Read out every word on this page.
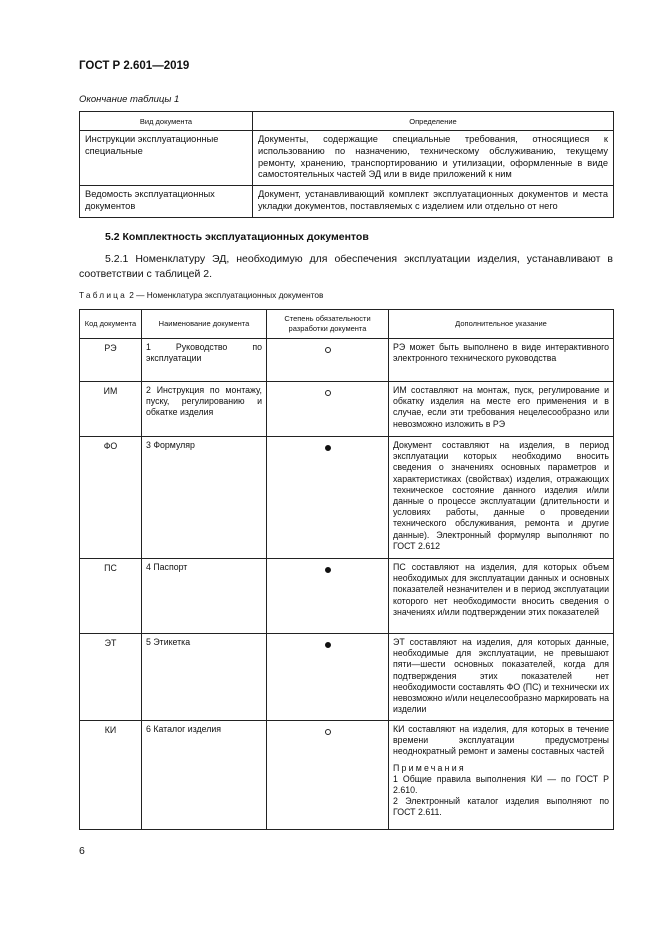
ГОСТ Р 2.601—2019
Окончание таблицы 1
Вид документа	Определение
Инструкции эксплуатационные специальные	Документы, содержащие специальные требования, относящиеся к использованию по назначению, техническому обслуживанию, текущему ремонту, хранению, транспортированию и утилизации, оформленные в виде самостоятельных частей ЭД или в виде приложений к ним
Ведомость эксплуатационных документов	Документ, устанавливающий комплект эксплуатационных документов и места укладки документов, поставляемых с изделием или отдельно от него
5.2 Комплектность эксплуатационных документов
5.2.1 Номенклатуру ЭД, необходимую для обеспечения эксплуатации изделия, устанавливают в соответствии с таблицей 2.
Таблица 2 — Номенклатура эксплуатационных документов
Код документа	Наименование документа	Степень обязательности разработки документа	Дополнительное указание
РЭ	1 Руководство по эксплуатации		РЭ может быть выполнено в виде интерактивного электронного технического руководства
ИМ	2 Инструкция по монтажу, пуску, регулированию и обкатке изделия		ИМ составляют на монтаж, пуск, регулирование и обкатку изделия на месте его применения и в случае, если эти требования нецелесообразно или невозможно изложить в РЭ
ФО	3 Формуляр		Документ составляют на изделия, в период эксплуатации которых необходимо вносить сведения о значениях основных параметров и характеристиках (свойствах) изделия, отражающих техническое состояние данного изделия и/или данные о процессе эксплуатации (длительности и условиях работы, данные о проведении технического обслуживания, ремонта и другие данные). Электронный формуляр выполняют по ГОСТ 2.612
ПС	4 Паспорт		ПС составляют на изделия, для которых объем необходимых для эксплуатации данных и основных показателей незначителен и в период эксплуатации которого нет необходимости вносить сведения о значениях и/или подтверждении этих показателей
ЭТ	5 Этикетка		ЭТ составляют на изделия, для которых данные, необходимые для эксплуатации, не превышают пяти—шести основных показателей, когда для подтверждения этих показателей нет необходимости составлять ФО (ПС) и технически их невозможно и/или нецелесообразно маркировать на изделии
КИ	6 Каталог изделия		КИ составляют на изделия, для которых в течение времени эксплуатации предусмотрены неоднократный ремонт и замены составных частей
Примечания
1 Общие правила выполнения КИ — по ГОСТ Р 2.610.
2 Электронный каталог изделия выполняют по ГОСТ 2.611.
6
